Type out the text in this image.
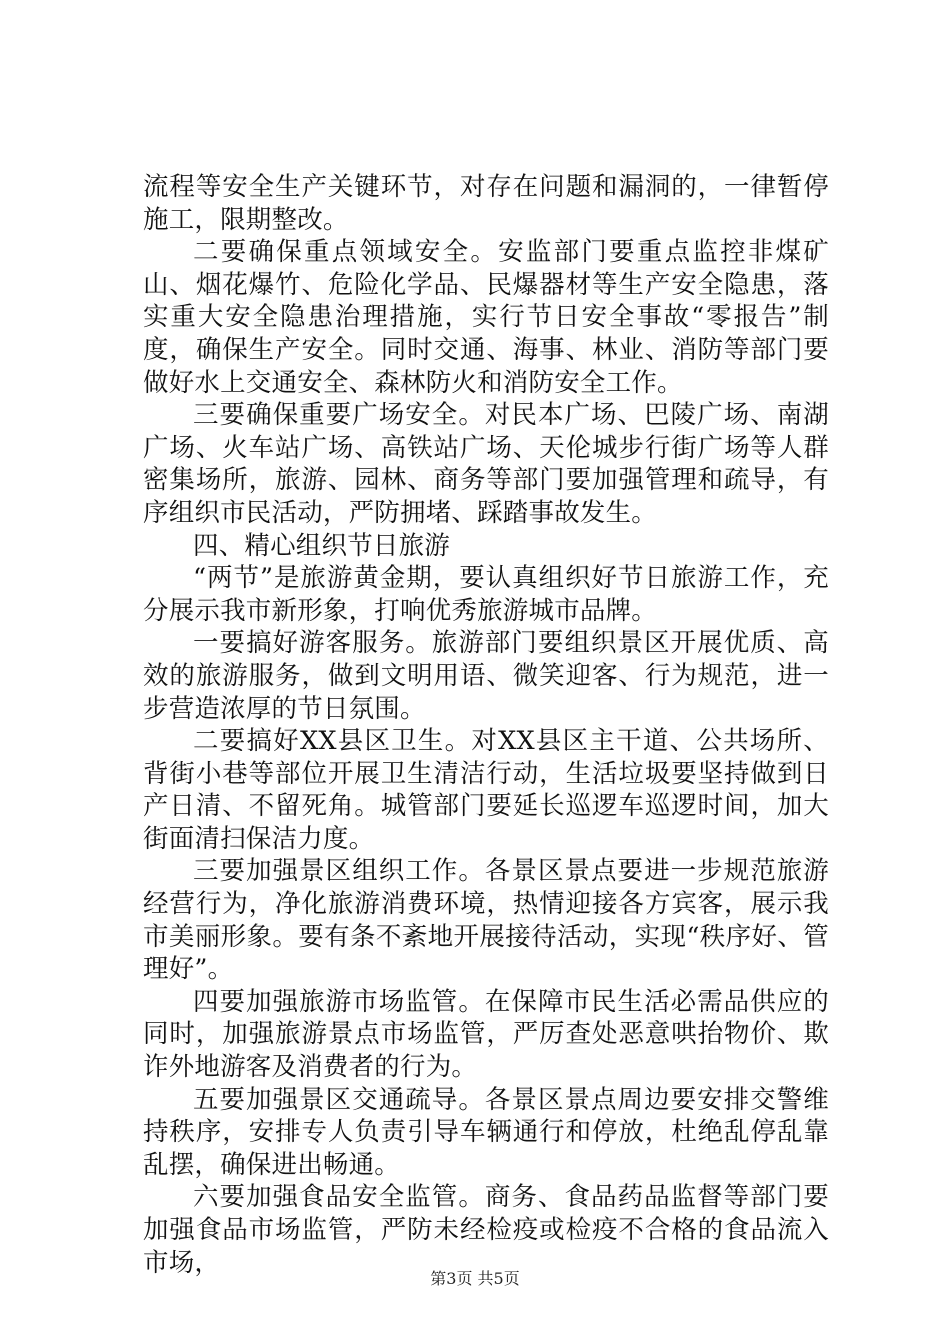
流程等安全生产关键环节，对存在问题和漏洞的，一律暂停施工，限期整改。

二要确保重点领域安全。安监部门要重点监控非煤矿山、烟花爆竹、危险化学品、民爆器材等生产安全隐患，落实重大安全隐患治理措施，实行节日安全事故“零报告”制度，确保生产安全。同时交通、海事、林业、消防等部门要做好水上交通安全、森林防火和消防安全工作。

三要确保重要广场安全。对民本广场、巴陵广场、南湖广场、火车站广场、高铁站广场、天伦城步行街广场等人群密集场所，旅游、园林、商务等部门要加强管理和疏导，有序组织市民活动，严防拥堵、踩踏事故发生。

四、精心组织节日旅游

“两节”是旅游黄金期，要认真组织好节日旅游工作，充分展示我市新形象，打响优秀旅游城市品牌。

一要搞好游客服务。旅游部门要组织景区开展优质、高效的旅游服务，做到文明用语、微笑迎客、行为规范，进一步营造浓厚的节日氛围。

二要搞好XX县区卫生。对XX县区主干道、公共场所、背街小巷等部位开展卫生清洁行动，生活垃圾要坚持做到日产日清、不留死角。城管部门要延长巡逻车巡逻时间，加大街面清扫保洁力度。

三要加强景区组织工作。各景区景点要进一步规范旅游经营行为，净化旅游消费环境，热情迎接各方宾客，展示我市美丽形象。要有条不紊地开展接待活动，实现“秩序好、管理好”。

四要加强旅游市场监管。在保障市民生活必需品供应的同时，加强旅游景点市场监管，严厉查处恶意哄抬物价、欺诈外地游客及消费者的行为。

五要加强景区交通疏导。各景区景点周边要安排交警维持秩序，安排专人负责引导车辆通行和停放，杜绝乱停乱靠乱摆，确保进出畅通。

六要加强食品安全监管。商务、食品药品监督等部门要加强食品市场监管，严防未经检疫或检疫不合格的食品流入市场，

第3页 共5页
